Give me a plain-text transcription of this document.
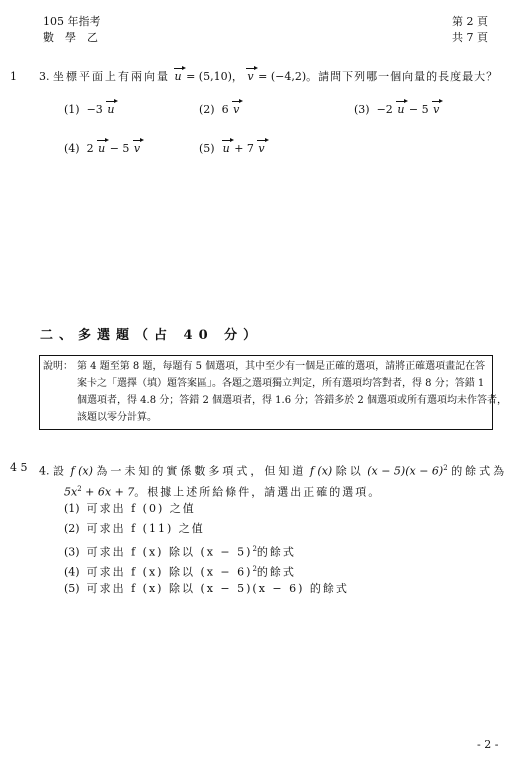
105 年指考
數　學　乙
第 2 頁
共 7 頁
1 3. 坐標平面上有兩向量 u = (5,10)， v = (−4,2)。請問下列哪一個向量的長度最大？
(1) −3 u	(2) 6 v	(3) −2 u − 5 v
(4) 2 u − 5 v	(5) u + 7 v
二、多選題（占 40 分）
說明： 第 4 題至第 8 題，每題有 5 個選項，其中至少有一個是正確的選項，請將正確選項畫記在答
案卡之「選擇（填）題答案區」。各題之選項獨立判定，所有選項均答對者，得 8 分；答錯 1
個選項者，得 4.8 分；答錯 2 個選項者，得 1.6 分；答錯多於 2 個選項或所有選項均未作答者，
該題以零分計算。
4 5 4. 設 f (x) 為一未知的實係數多項式，但知道 f (x) 除以 $(x - 5)(x - 6)^2$ 的餘式為
$5x^2 + 6x + 7$。根據上述所給條件，請選出正確的選項。
(1) 可求出 f (0) 之值
(2) 可求出 f (11) 之值
(3) 可求出 f (x) 除以 $(x - 5)^2$的餘式
(4) 可求出 f (x) 除以 $(x - 6)^2$的餘式
(5) 可求出 f (x) 除以 (x − 5)(x − 6) 的餘式
- 2 -
